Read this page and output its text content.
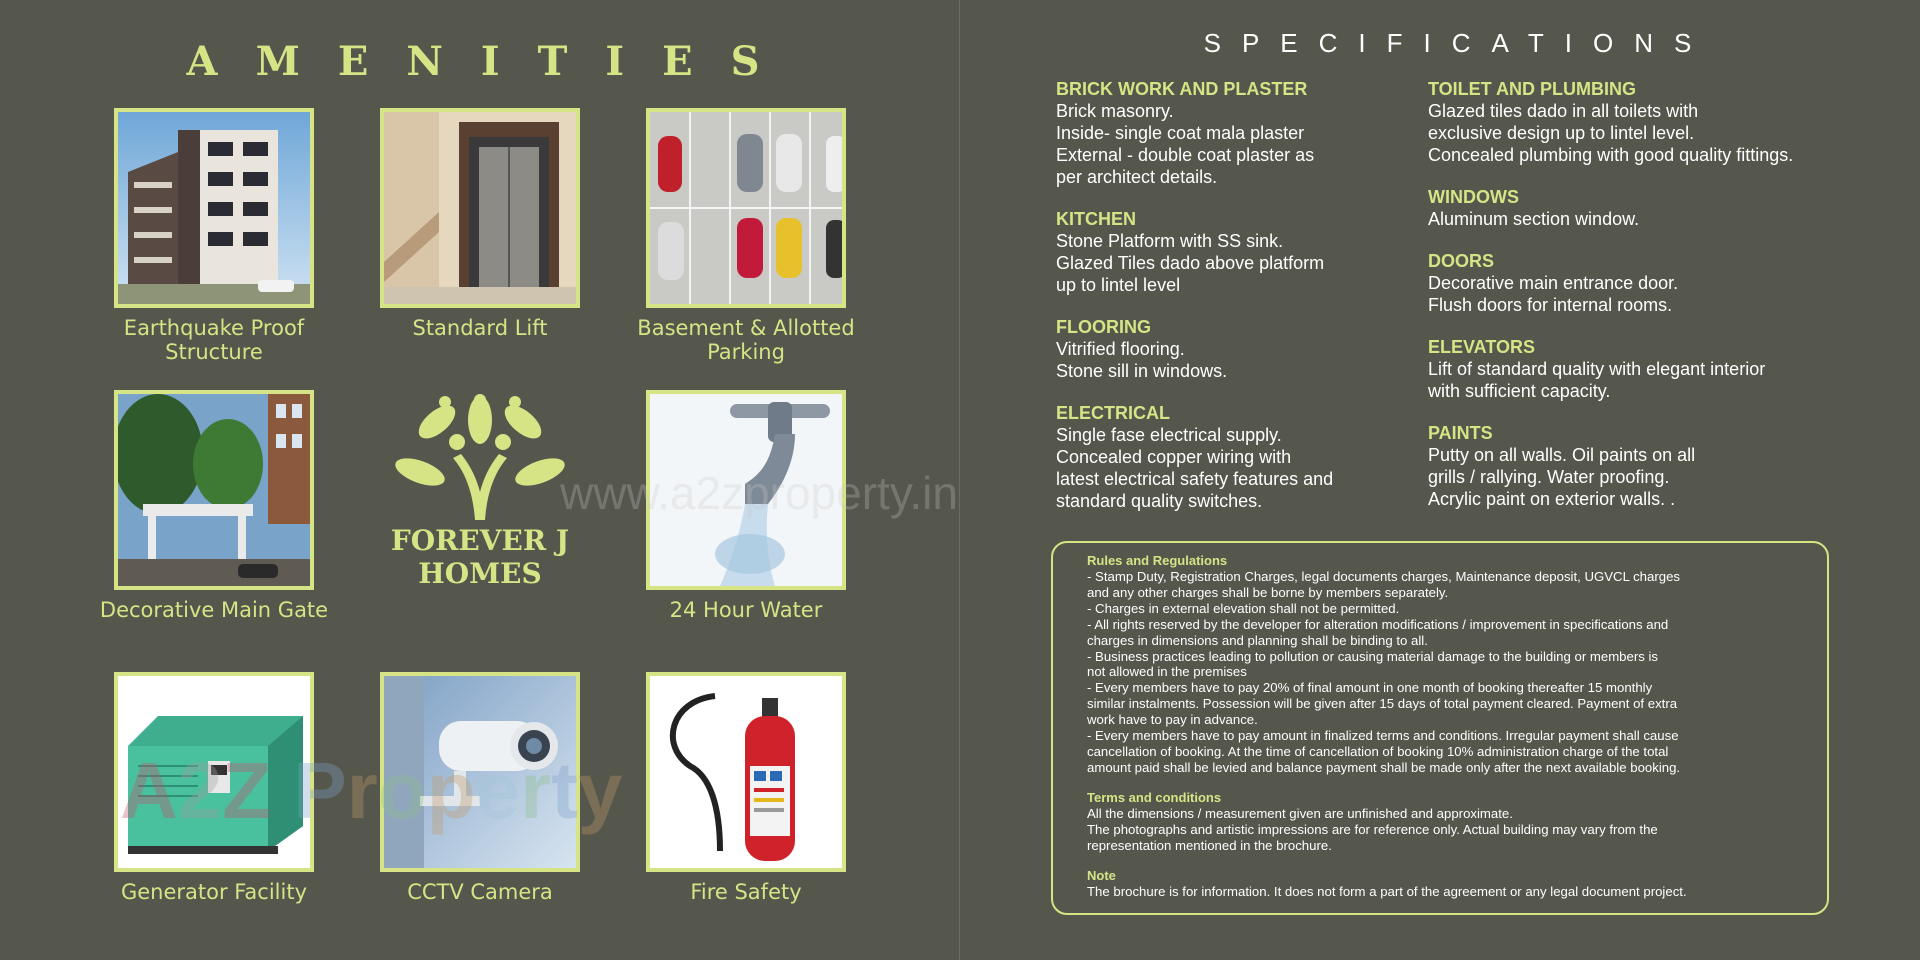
AMENITIES
Earthquake Proof Structure
Standard Lift	Basement & Allotted Parking
Decorative Main Gate
FOREVER J
HOMES
24 Hour Water
Generator Facility	CCTV Camera	Fire Safety
A2Z Property
SPECIFICATIONS
BRICK WORK AND PLASTER
Brick masonry.
Inside- single coat mala plaster
External - double coat plaster as
per architect details.
KITCHEN
Stone Platform with SS sink.
Glazed Tiles dado above platform
up to lintel level
FLOORING
Vitrified flooring.
Stone sill in windows.
ELECTRICAL
Single fase electrical supply.
Concealed copper wiring with
latest electrical safety features and
standard quality switches.
TOILET AND PLUMBING
Glazed tiles dado in all toilets with
exclusive design up to lintel level.
Concealed plumbing with good quality fittings.
WINDOWS
Aluminum section window.
DOORS
Decorative main entrance door.
Flush doors for internal rooms.
ELEVATORS
Lift of standard quality with elegant interior
with sufficient capacity.
PAINTS
Putty on all walls. Oil paints on all
grills / rallying. Water proofing.
Acrylic paint on exterior walls. .
Rules and Regulations
- Stamp Duty, Registration Charges, legal documents charges, Maintenance deposit, UGVCL charges
and any other charges shall be borne by members separately.
- Charges in external elevation shall not be permitted.
- All rights reserved by the developer for alteration modifications / improvement in specifications and
charges in dimensions and planning shall be binding to all.
- Business practices leading to pollution or causing material damage to the building or members is
not allowed in the premises
- Every members have to pay 20% of final amount in one month of booking thereafter 15 monthly
similar instalments. Possession will be given after 15 days of total payment cleared. Payment of extra
work have to pay in advance.
- Every members have to pay amount in finalized terms and conditions. Irregular payment shall cause
cancellation of booking. At the time of cancellation of booking 10% administration charge of the total
amount paid shall be levied and balance payment shall be made only after the next available booking.
Terms and conditions
All the dimensions / measurement given are unfinished and approximate.
The photographs and artistic impressions are for reference only. Actual building may vary from the
representation mentioned in the brochure.
Note
The brochure is for information. It does not form a part of the agreement or any legal document project.
www.a2zproperty.in
